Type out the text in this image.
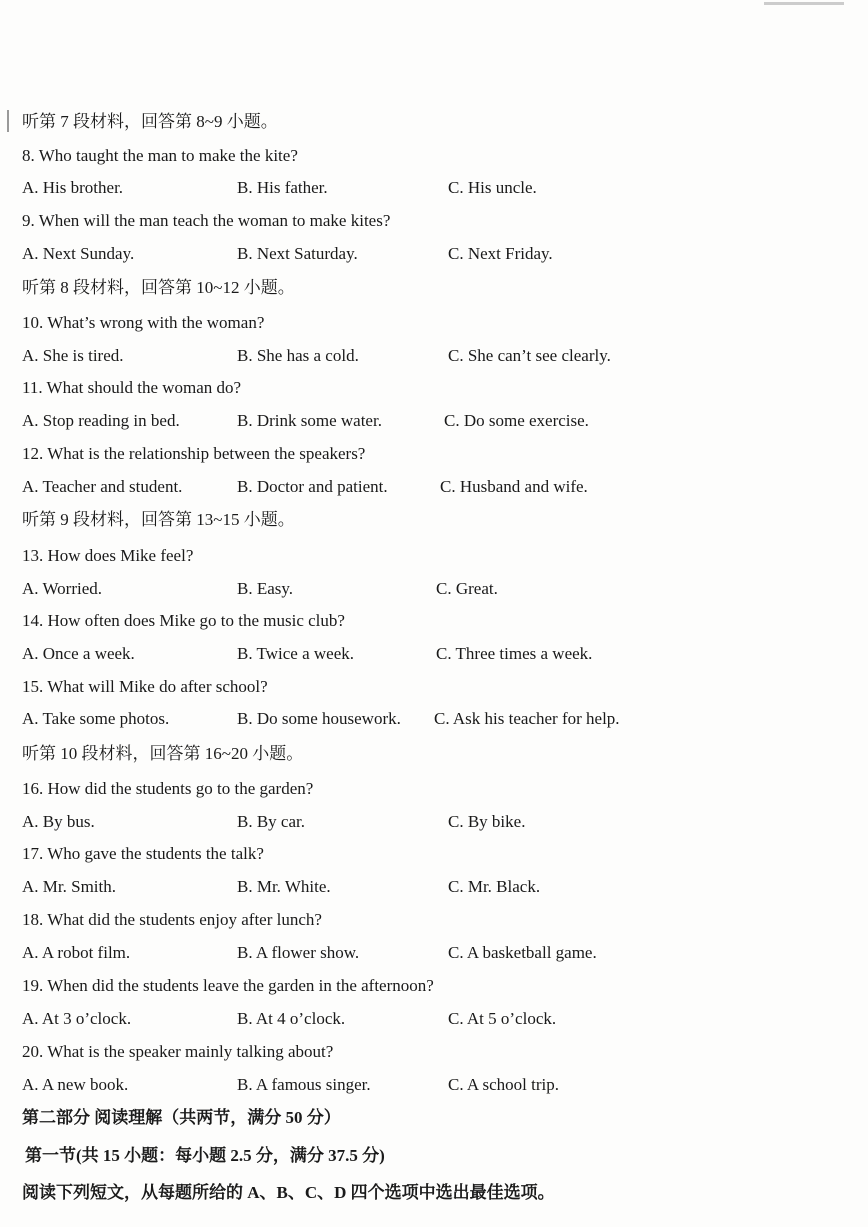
听第 7 段材料，回答第 8~9 小题。
8. Who taught the man to make the kite?
A. His brother.	B. His father.	C. His uncle.
9. When will the man teach the woman to make kites?
A. Next Sunday.	B. Next Saturday.	C. Next Friday.
听第 8 段材料，回答第 10~12 小题。
10. What’s wrong with the woman?
A. She is tired.	B. She has a cold.	C. She can’t see clearly.
11. What should the woman do?
A. Stop reading in bed.	B. Drink some water.	C. Do some exercise.
12. What is the relationship between the speakers?
A. Teacher and student.	B. Doctor and patient.	C. Husband and wife.
听第 9 段材料，回答第 13~15 小题。
13. How does Mike feel?
A. Worried.	B. Easy.	C. Great.
14. How often does Mike go to the music club?
A. Once a week.	B. Twice a week.	C. Three times a week.
15. What will Mike do after school?
A. Take some photos.	B. Do some housework. C. Ask his teacher for help.
听第 10 段材料，回答第 16~20 小题。
16. How did the students go to the garden?
A. By bus.	B. By car.	C. By bike.
17. Who gave the students the talk?
A. Mr. Smith.	B. Mr. White.	C. Mr. Black.
18. What did the students enjoy after lunch?
A. A robot film.	B. A flower show.	C. A basketball game.
19. When did the students leave the garden in the afternoon?
A. At 3 o’clock.	B. At 4 o’clock.	C. At 5 o’clock.
20. What is the speaker mainly talking about?
A. A new book.	B. A famous singer.	C. A school trip.
第二部分 阅读理解（共两节，满分 50 分）
第一节(共 15 小题：每小题 2.5 分，满分 37.5 分)
阅读下列短文，从每题所给的 A、B、C、D 四个选项中选出最佳选项。
